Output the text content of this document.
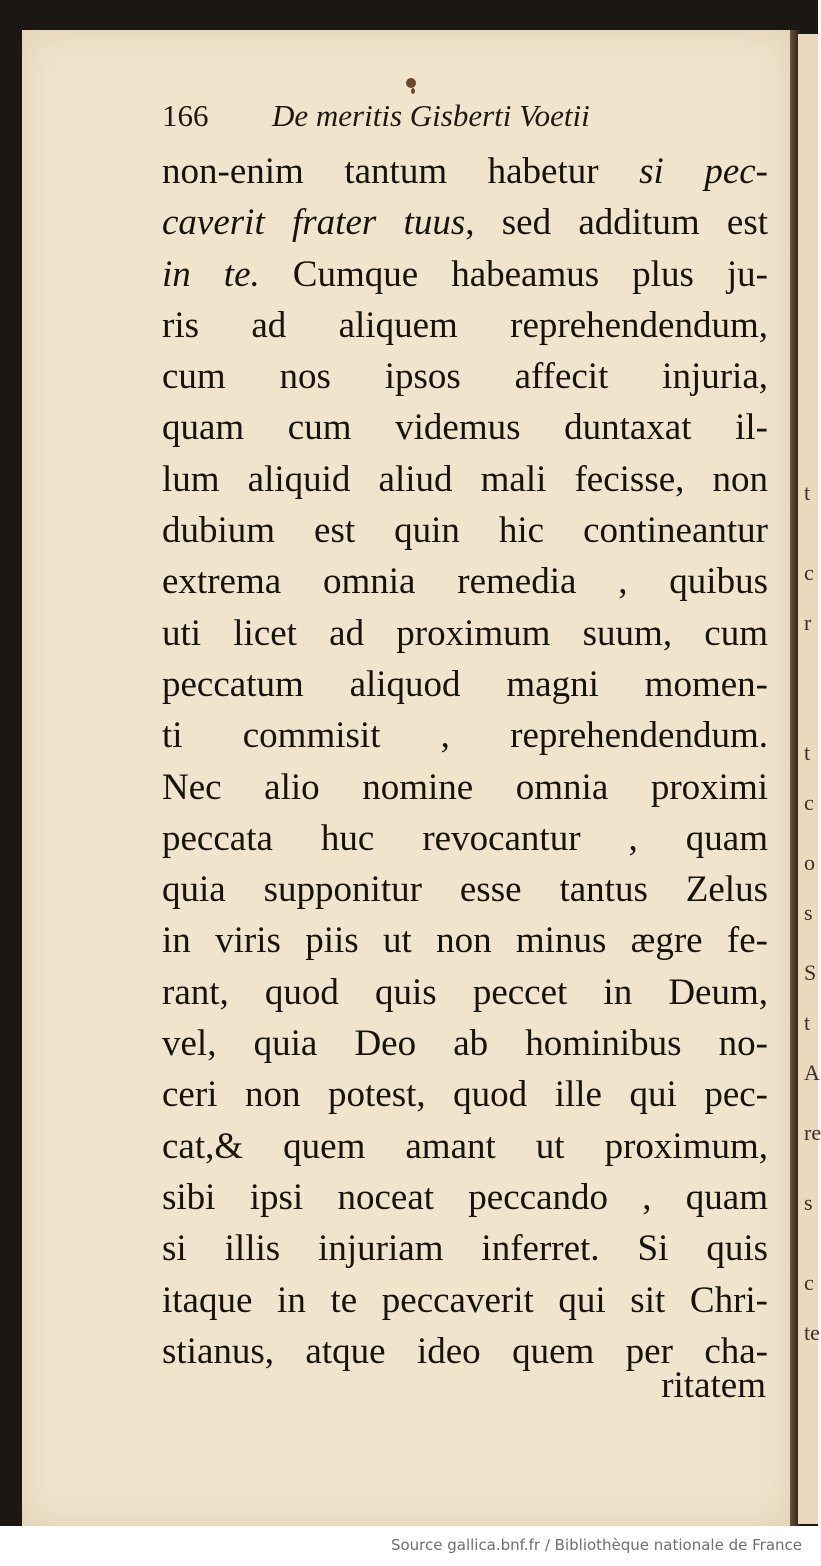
t
c
r
t
c
o
s
S
t
A
re
s
c
te
166 De meritis Gisberti Voetii
non-enim tantum habetur si pec-
caverit frater tuus, sed additum est
in te. Cumque habeamus plus ju-
ris ad aliquem reprehendendum,
cum nos ipsos affecit injuria,
quam cum videmus duntaxat il-
lum aliquid aliud mali fecisse, non
dubium est quin hic contineantur
extrema omnia remedia , quibus
uti licet ad proximum suum, cum
peccatum aliquod magni momen-
ti commisit , reprehendendum.
Nec alio nomine omnia proximi
peccata huc revocantur , quam
quia supponitur esse tantus Zelus
in viris piis ut non minus ægre fe-
rant, quod quis peccet in Deum,
vel, quia Deo ab hominibus no-
ceri non potest, quod ille qui pec-
cat,& quem amant ut proximum,
sibi ipsi noceat peccando , quam
si illis injuriam inferret. Si quis
itaque in te peccaverit qui sit Chri-
stianus, atque ideo quem per cha-
ritatem
Source gallica.bnf.fr / Bibliothèque nationale de France
